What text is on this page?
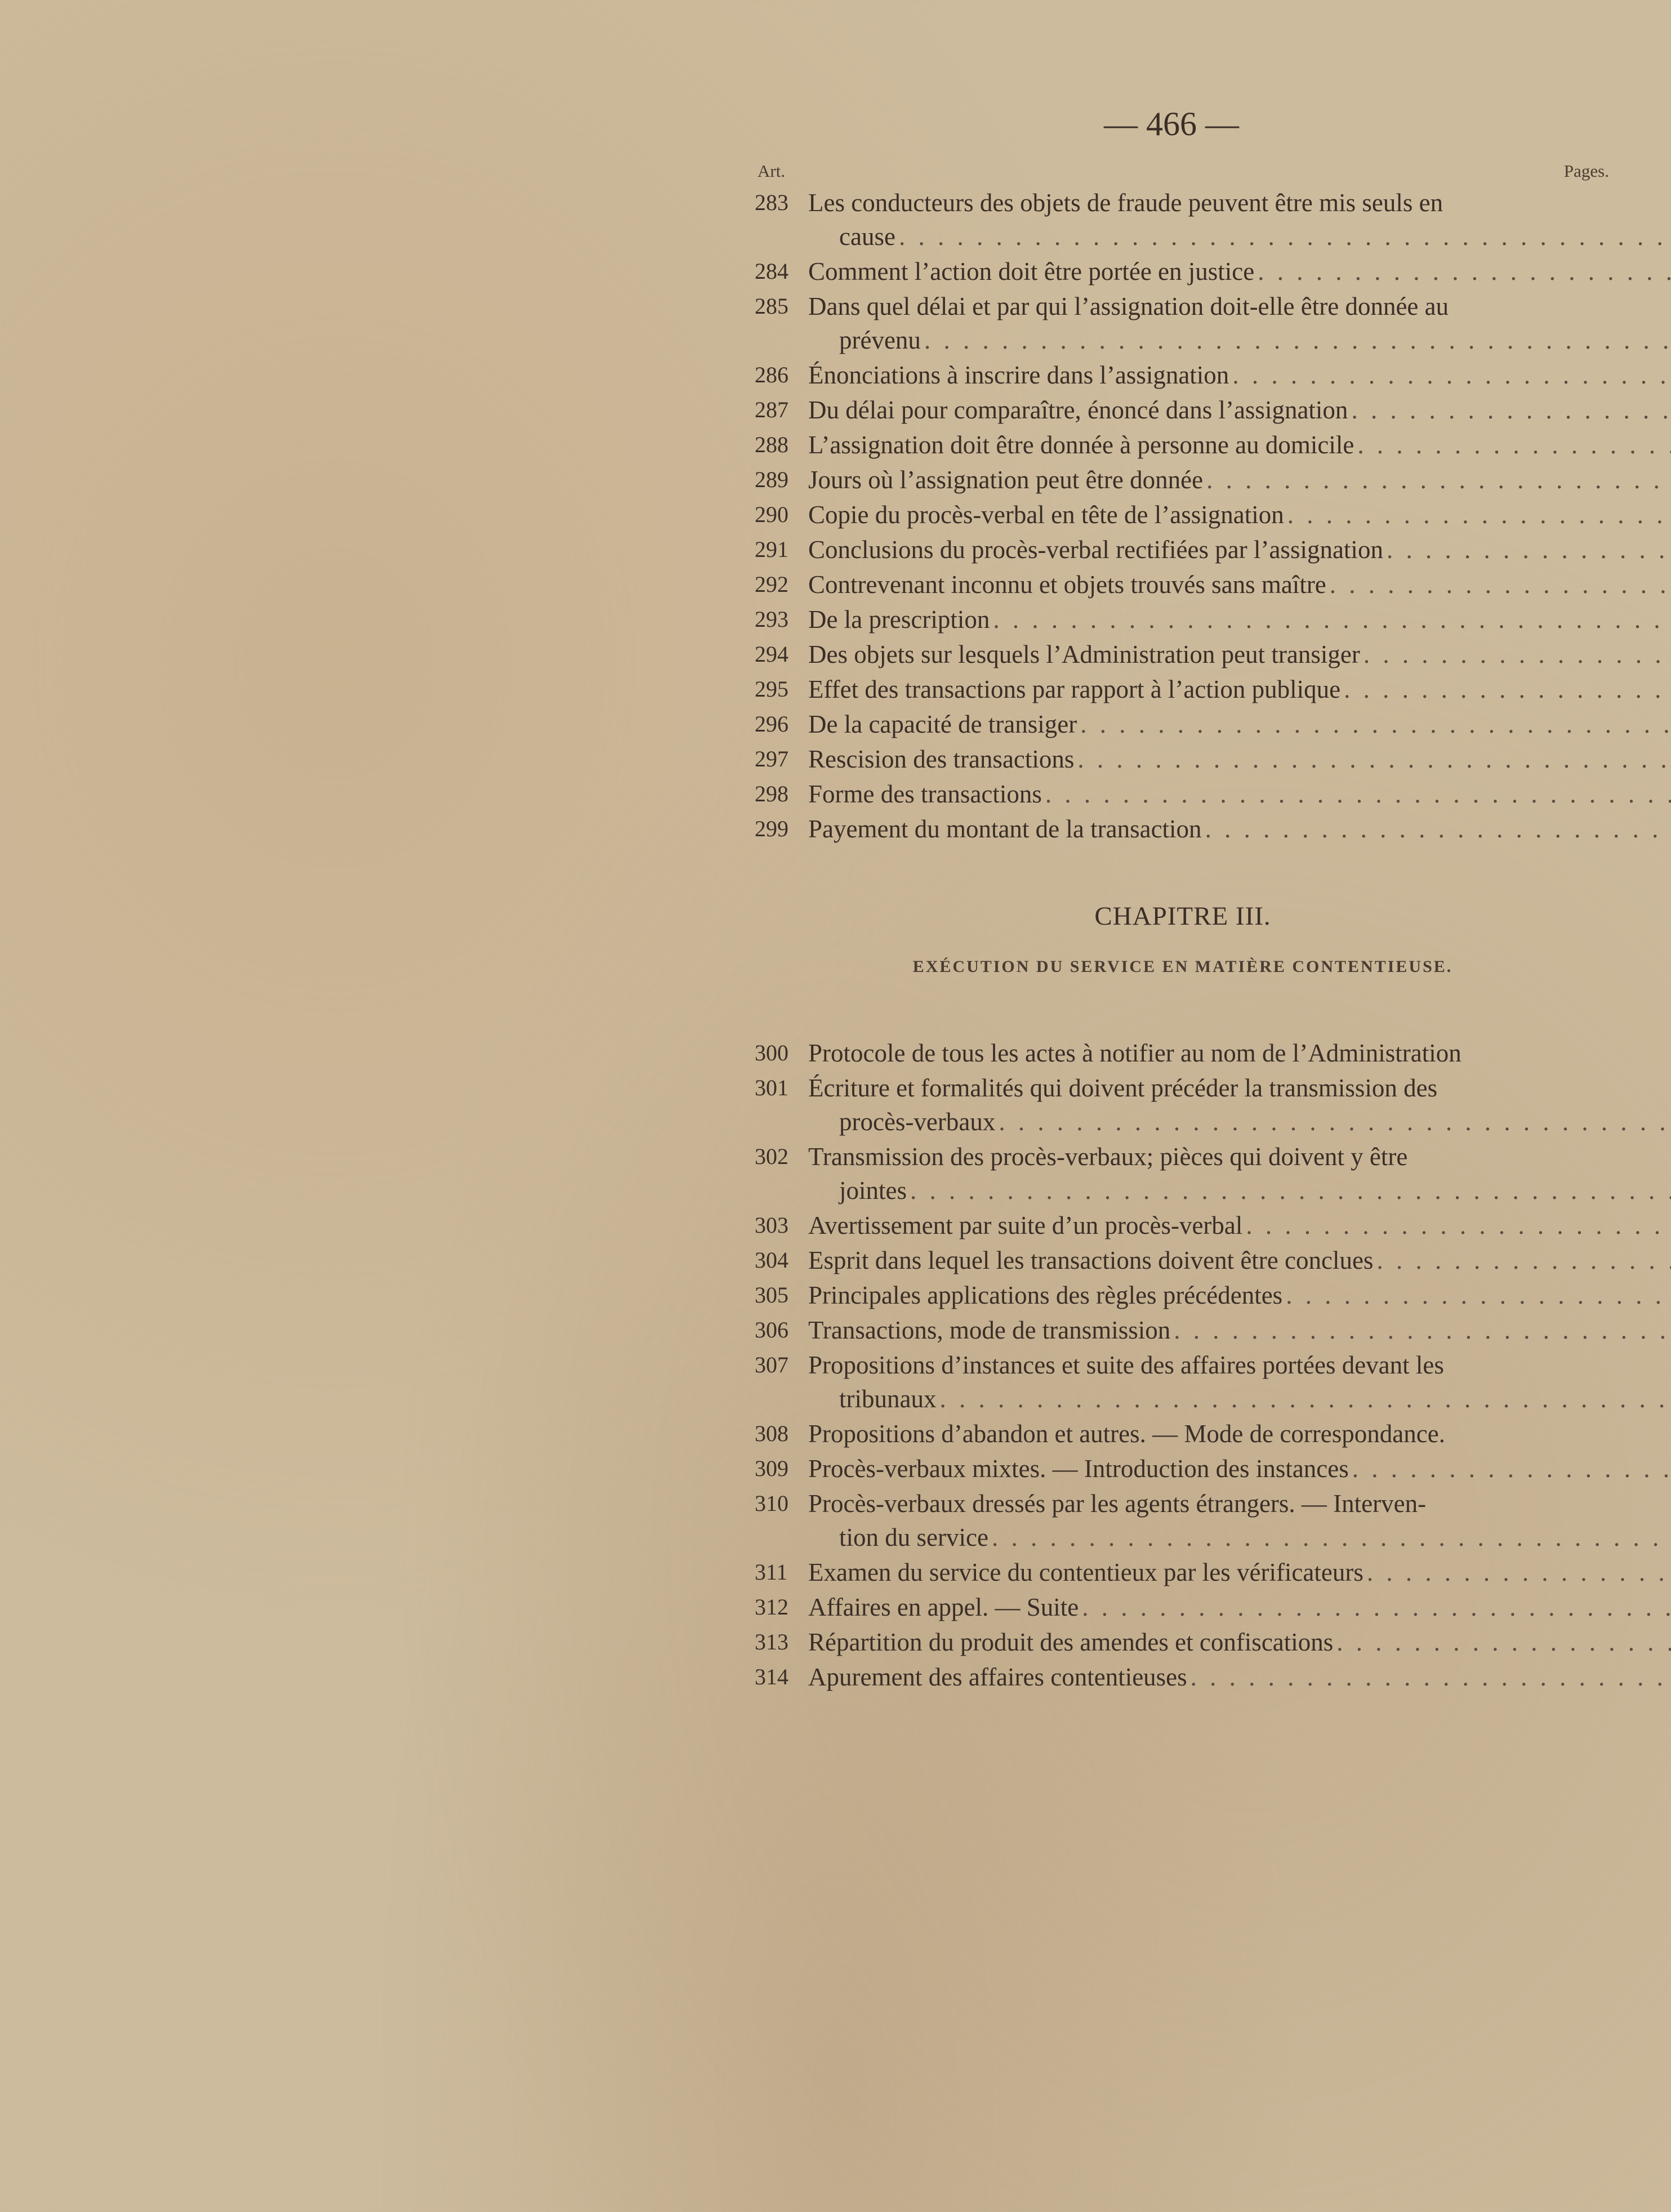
— 466 —
Art.	Pages.
283 Les conducteurs des objets de fraude peuvent être mis seuls en
cause. . .
284 Comment l’action doit être portée en justice. . .
285 Dans quel délai et par qui l’assignation doit-elle être donnée au
prévenu. . .
286 Énonciations à inscrire dans l’assignation. . .
287 Du délai pour comparaître, énoncé dans l’assignation. . .
288 L’assignation doit être donnée à personne au domicile. . .
289 Jours où l’assignation peut être donnée. . .
290 Copie du procès-verbal en tête de l’assignation. . .
291 Conclusions du procès-verbal rectifiées par l’assignation. . .
292 Contrevenant inconnu et objets trouvés sans maître. . .
293 De la prescription. . .
294 Des objets sur lesquels l’Administration peut transiger. . .
295 Effet des transactions par rapport à l’action publique. . .
296 De la capacité de transiger. . .
297 Rescision des transactions. . .
298 Forme des transactions. . .
299 Payement du montant de la transaction. . .
CHAPITRE III.
EXÉCUTION DU SERVICE EN MATIÈRE CONTENTIEUSE.
300 Protocole de tous les actes à notifier au nom de l’Administration
301 Écriture et formalités qui doivent précéder la transmission des
procès-verbaux. . .
302 Transmission des procès-verbaux; pièces qui doivent y être
jointes. . .
303 Avertissement par suite d’un procès-verbal. . .
304 Esprit dans lequel les transactions doivent être conclues. . .
305 Principales applications des règles précédentes. . .
306 Transactions, mode de transmission. . .
307 Propositions d’instances et suite des affaires portées devant les
tribunaux. . .
308 Propositions d’abandon et autres. — Mode de correspondance.
309 Procès-verbaux mixtes. — Introduction des instances. . .
310 Procès-verbaux dressés par les agents étrangers. — Interven-
tion du service. . .
311 Examen du service du contentieux par les vérificateurs. . .
312 Affaires en appel. — Suite. . .
313 Répartition du produit des amendes et confiscations. . .
314 Apurement des affaires contentieuses. . .
